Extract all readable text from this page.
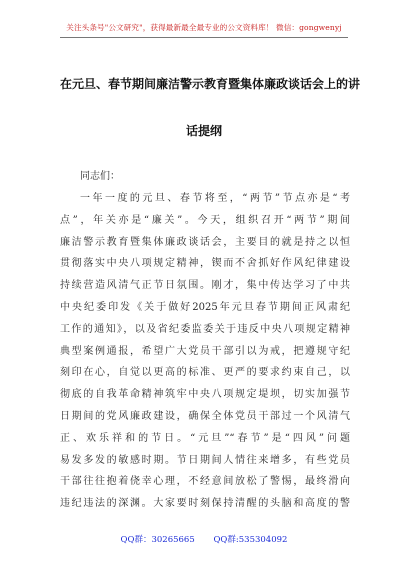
关注头条号"公文研究"，获得最新最全最专业的公文资料库！ 微信：gongwenyj
在元旦、春节期间廉洁警示教育暨集体廉政谈话会上的讲
话提纲
同志们：
一年一度的元旦、春节将至，“两节”节点亦是“考
点”，年关亦是“廉关”。今天，组织召开“两节”期间
廉洁警示教育暨集体廉政谈话会，主要目的就是持之以恒
贯彻落实中央八项规定精神，锲而不舍抓好作风纪律建设
持续营造风清气正节日氛围。刚才，集中传达学习了中共
中央纪委印发《关于做好2025年元旦春节期间正风肃纪
工作的通知》，以及省纪委监委关于违反中央八项规定精神
典型案例通报，希望广大党员干部引以为戒，把遵规守纪
刻印在心，自觉以更高的标准、更严的要求约束自己，以
彻底的自我革命精神筑牢中央八项规定堤坝，切实加强节
日期间的党风廉政建设，确保全体党员干部过一个风清气
正、欢乐祥和的节日。“元旦”“春节”是“四风”问题
易发多发的敏感时期。节日期间人情往来增多，有些党员
干部往往抱着侥幸心理，不经意间放松了警惕，最终滑向
违纪违法的深渊。大家要时刻保持清醒的头脑和高度的警
QQ群：30265665 QQ群:535304092
